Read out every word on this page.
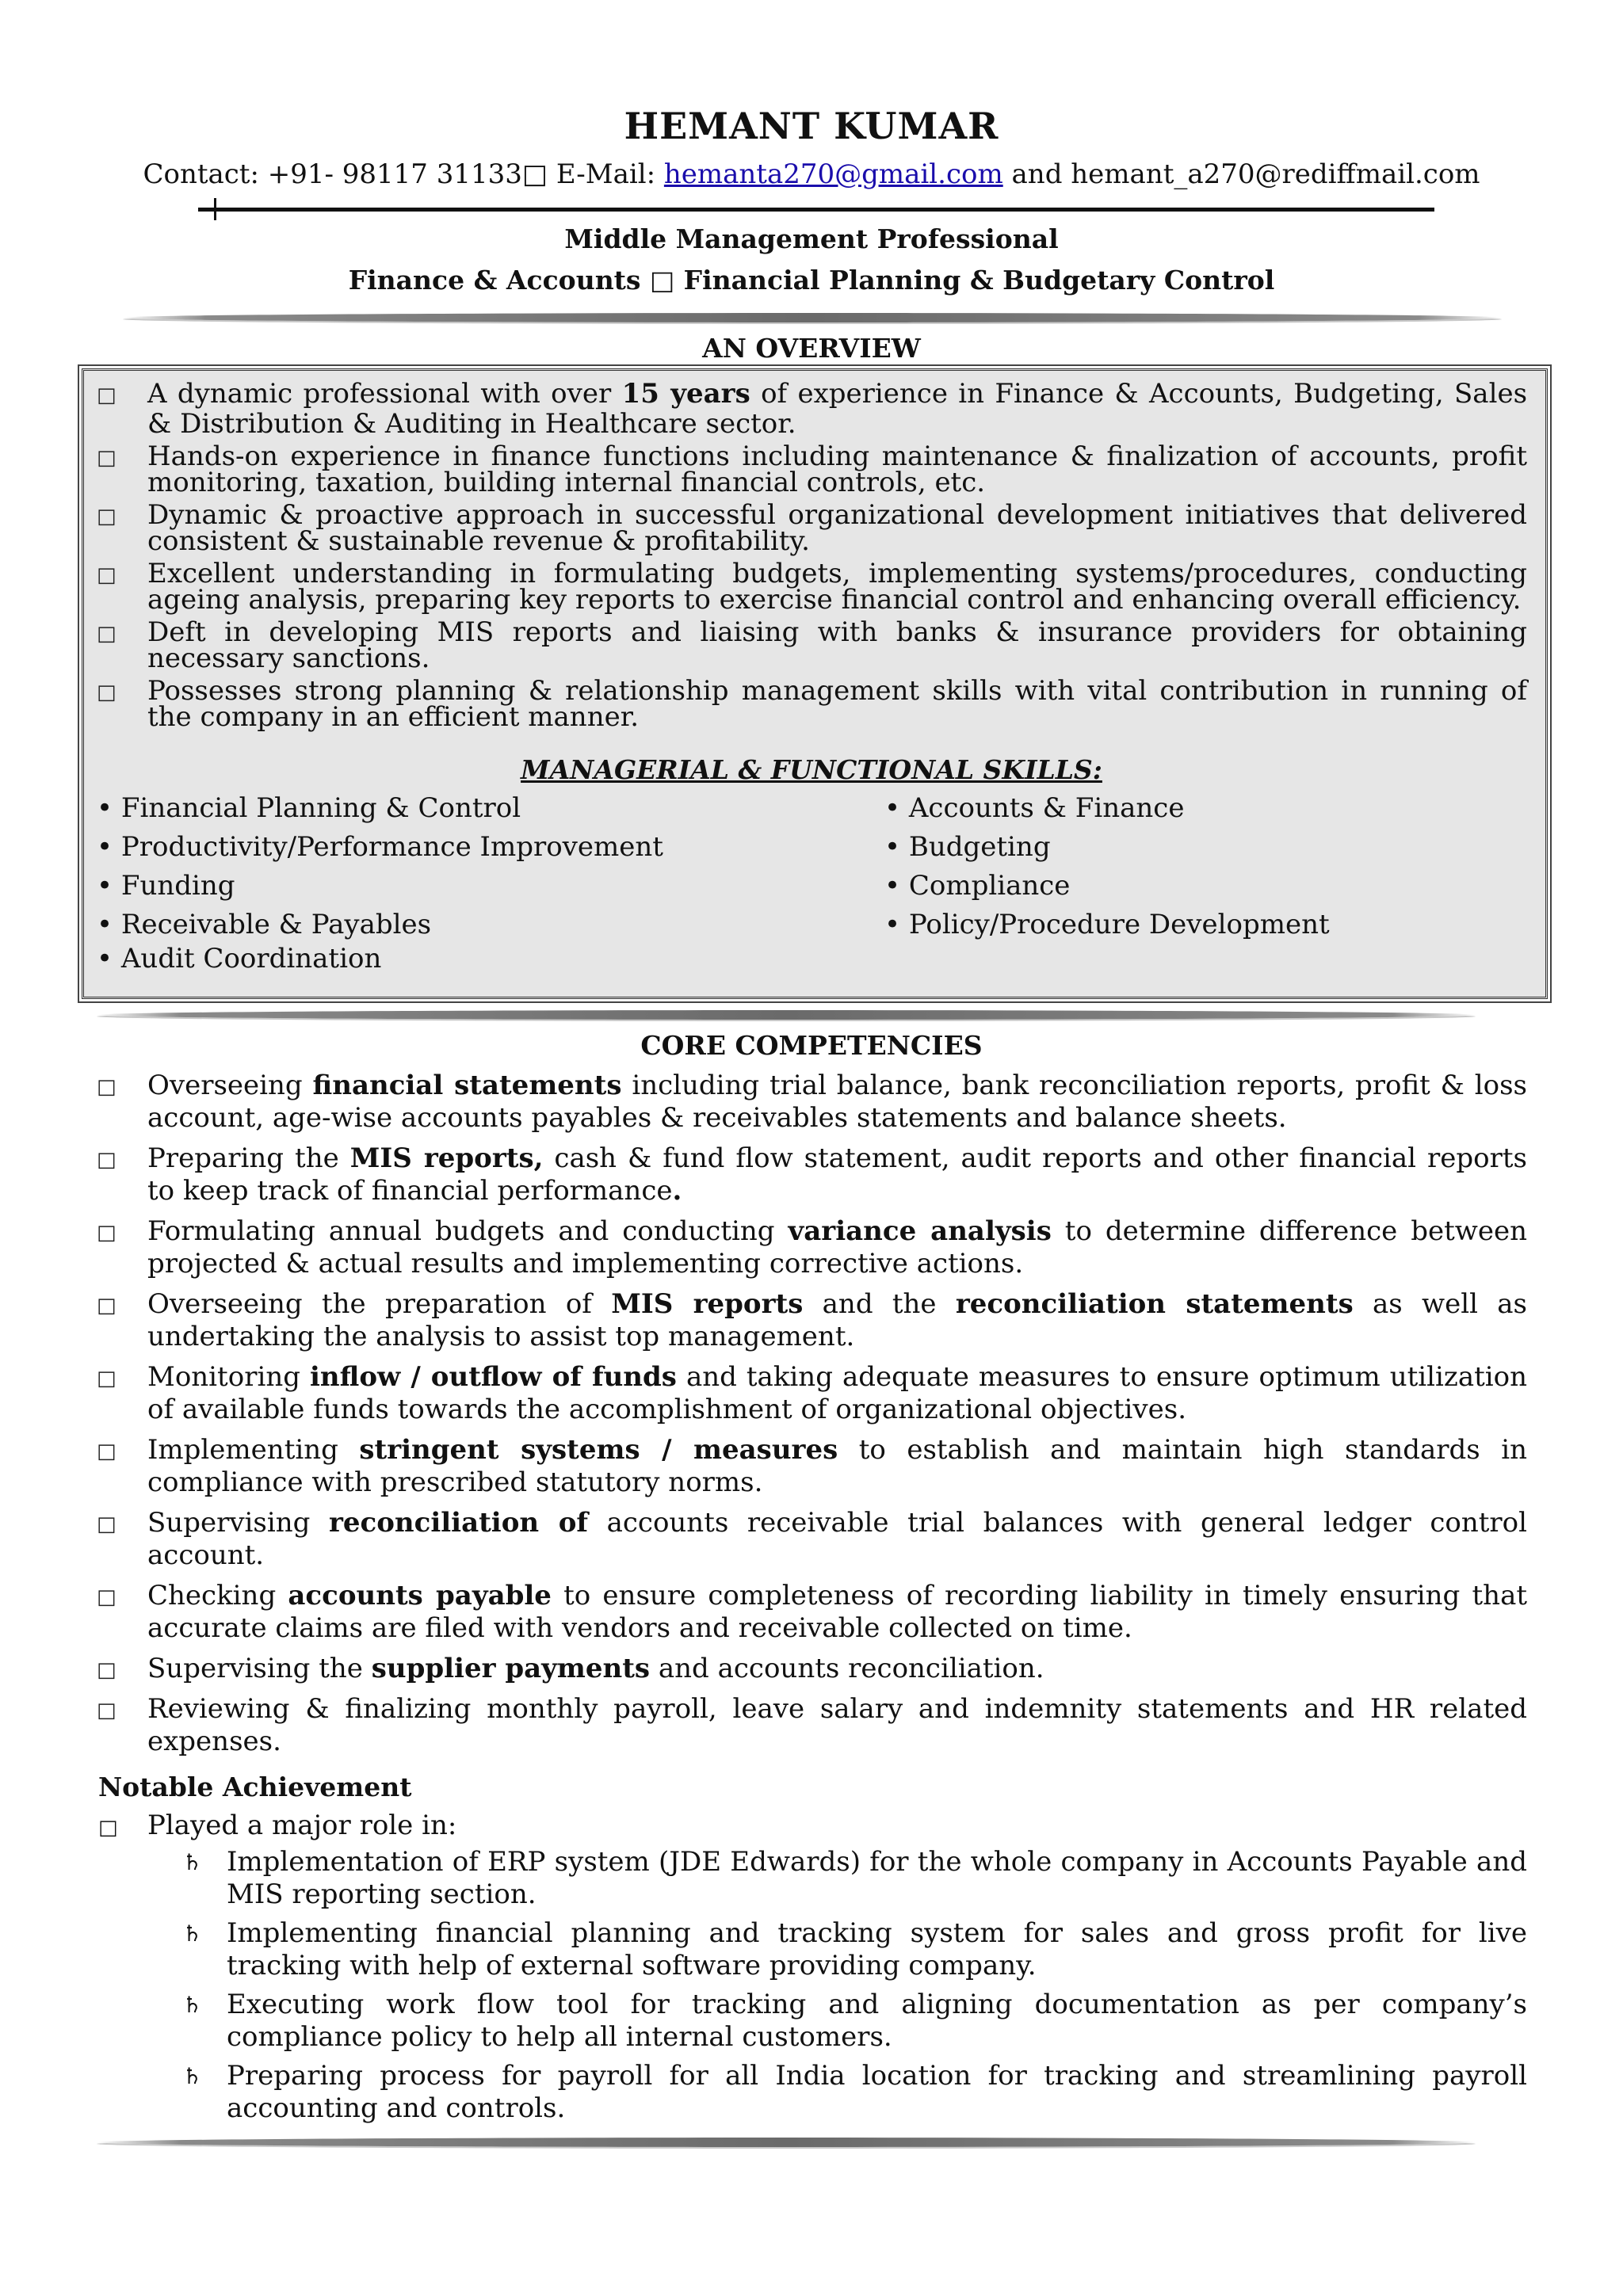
HEMANT KUMAR
Contact: +91- 98117 31133□ E-Mail: hemanta270@gmail.com and hemant_a270@rediffmail.com
Middle Management Professional
Finance & Accounts □ Financial Planning & Budgetary Control
AN OVERVIEW
□ A dynamic professional with over 15 years of experience in Finance & Accounts, Budgeting, Sales & Distribution & Auditing in Healthcare sector.
□ Hands-on experience in finance functions including maintenance & finalization of accounts, profit monitoring, taxation, building internal financial controls, etc.
□ Dynamic & proactive approach in successful organizational development initiatives that delivered consistent & sustainable revenue & profitability.
□ Excellent understanding in formulating budgets, implementing systems/procedures, conducting ageing analysis, preparing key reports to exercise financial control and enhancing overall efficiency.
□ Deft in developing MIS reports and liaising with banks & insurance providers for obtaining necessary sanctions.
□ Possesses strong planning & relationship management skills with vital contribution in running of the company in an efficient manner.
MANAGERIAL & FUNCTIONAL SKILLS:
• Financial Planning & Control
• Productivity/Performance Improvement
• Funding
• Receivable & Payables
• Audit Coordination
• Accounts & Finance
• Budgeting
• Compliance
• Policy/Procedure Development
CORE COMPETENCIES
□ Overseeing financial statements including trial balance, bank reconciliation reports, profit & loss account, age-wise accounts payables & receivables statements and balance sheets.
□ Preparing the MIS reports, cash & fund flow statement, audit reports and other financial reports to keep track of financial performance.
□ Formulating annual budgets and conducting variance analysis to determine difference between projected & actual results and implementing corrective actions.
□ Overseeing the preparation of MIS reports and the reconciliation statements as well as undertaking the analysis to assist top management.
□ Monitoring inflow / outflow of funds and taking adequate measures to ensure optimum utilization of available funds towards the accomplishment of organizational objectives.
□ Implementing stringent systems / measures to establish and maintain high standards in compliance with prescribed statutory norms.
□ Supervising reconciliation of accounts receivable trial balances with general ledger control account.
□ Checking accounts payable to ensure completeness of recording liability in timely ensuring that accurate claims are filed with vendors and receivable collected on time.
□ Supervising the supplier payments and accounts reconciliation.
□ Reviewing & finalizing monthly payroll, leave salary and indemnity statements and HR related expenses.
Notable Achievement
□ Played a major role in:
♄ Implementation of ERP system (JDE Edwards) for the whole company in Accounts Payable and MIS reporting section.
♄ Implementing financial planning and tracking system for sales and gross profit for live tracking with help of external software providing company.
♄ Executing work flow tool for tracking and aligning documentation as per company’s compliance policy to help all internal customers.
♄ Preparing process for payroll for all India location for tracking and streamlining payroll accounting and controls.
